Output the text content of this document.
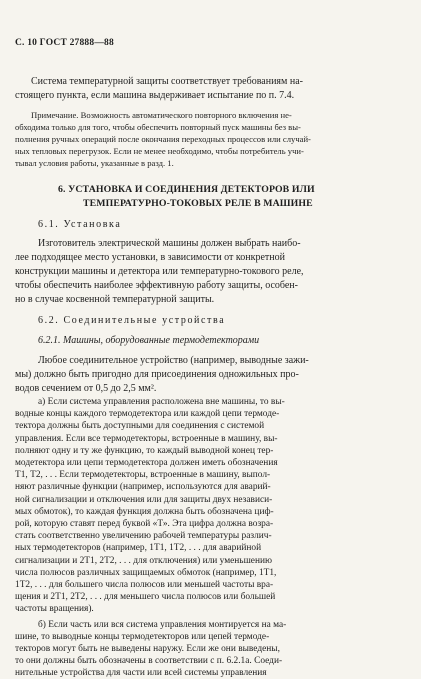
С. 10 ГОСТ 27888—88
Система температурной защиты соответствует требованиям на-
стоящего пункта, если машина выдерживает испытание по п. 7.4.
Примечание. Возможность автоматического повторного включения не-
обходима только для того, чтобы обеспечить повторный пуск машины без вы-
полнения ручных операций после окончания переходных процессов или случай-
ных тепловых перегрузок. Если не менее необходимо, чтобы потребитель учи-
тывал условия работы, указанные в разд. 1.
6. УСТАНОВКА И СОЕДИНЕНИЯ ДЕТЕКТОРОВ ИЛИ
ТЕМПЕРАТУРНО-ТОКОВЫХ РЕЛЕ В МАШИНЕ
6.1. Установка
Изготовитель электрической машины должен выбрать наибо-
лее подходящее место установки, в зависимости от конкретной
конструкции машины и детектора или температурно-токового реле,
чтобы обеспечить наиболее эффективную работу защиты, особен-
но в случае косвенной температурной защиты.
6.2. Соединительные устройства
6.2.1. Машины, оборудованные термодетекторами
Любое соединительное устройство (например, выводные зажи-
мы) должно быть пригодно для присоединения одножильных про-
водов сечением от 0,5 до 2,5 мм².
а) Если система управления расположена вне машины, то вы-
водные концы каждого термодетектора или каждой цепи термоде-
тектора должны быть доступными для соединения с системой
управления. Если все термодетекторы, встроенные в машину, вы-
полняют одну и ту же функцию, то каждый выводной конец тер-
модетектора или цепи термодетектора должен иметь обозначения
Т1, Т2, . . . Если термодетекторы, встроенные в машину, выпол-
няют различные функции (например, используются для аварий-
ной сигнализации и отключения или для защиты двух независи-
мых обмоток), то каждая функция должна быть обозначена циф-
рой, которую ставят перед буквой «Т». Эта цифра должна возра-
стать соответственно увеличению рабочей температуры различ-
ных термодетекторов (например, 1Т1, 1Т2, . . . для аварийной
сигнализации и 2Т1, 2Т2, . . . для отключения) или уменьшению
числа полюсов различных защищаемых обмоток (например, 1Т1,
1Т2, . . . для большего числа полюсов или меньшей частоты вра-
щения и 2Т1, 2Т2, . . . для меньшего числа полюсов или большей
частоты вращения).
б) Если часть или вся система управления монтируется на ма-
шине, то выводные концы термодетекторов или цепей термоде-
текторов могут быть не выведены наружу. Если же они выведены,
то они должны быть обозначены в соответствии с п. 6.2.1а. Соеди-
нительные устройства для части или всей системы управления
